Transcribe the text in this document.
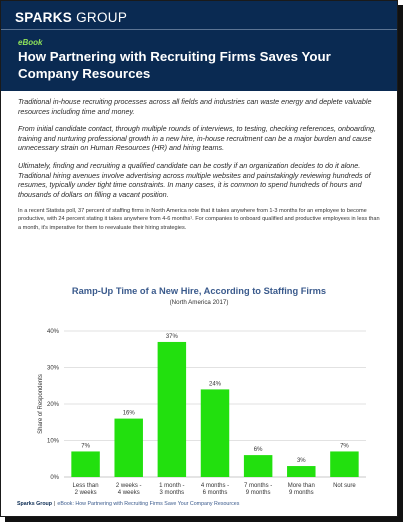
SPARKS GROUP
eBook
How Partnering with Recruiting Firms Saves Your Company Resources

Traditional in-house recruiting processes across all fields and industries can waste energy and deplete valuable resources including time and money.

From initial candidate contact, through multiple rounds of interviews, to testing, checking references, onboarding, training and nurturing professional growth in a new hire, in-house recruitment can be a major burden and cause unnecessary strain on Human Resources (HR) and hiring teams.

Ultimately, finding and recruiting a qualified candidate can be costly if an organization decides to do it alone. Traditional hiring avenues involve advertising across multiple websites and painstakingly reviewing hundreds of resumes, typically under tight time constraints. In many cases, it is common to spend hundreds of hours and thousands of dollars on filling a vacant position.

In a recent Statista poll, 37 percent of staffing firms in North America note that it takes anywhere from 1-3 months for an employee to become productive, with 24 percent stating it takes anywhere from 4-6 months¹. For companies to onboard qualified and productive employees in less than a month, it's imperative for them to reevaluate their hiring strategies.

Ramp-Up Time of a New Hire, According to Staffing Firms
(North America 2017)
0%
10%
20%
30%
40%
Share of Respondents
7%
Less than 2 weeks
16%
2 weeks -4 weeks
37%
1 month -3 months
24%
4 months -6 months
6%
7 months -9 months
3%
More than 9 months
7%
Not sure
Sparks Group | eBook: How Partnering with Recruiting Firms Save Your Company Resources
